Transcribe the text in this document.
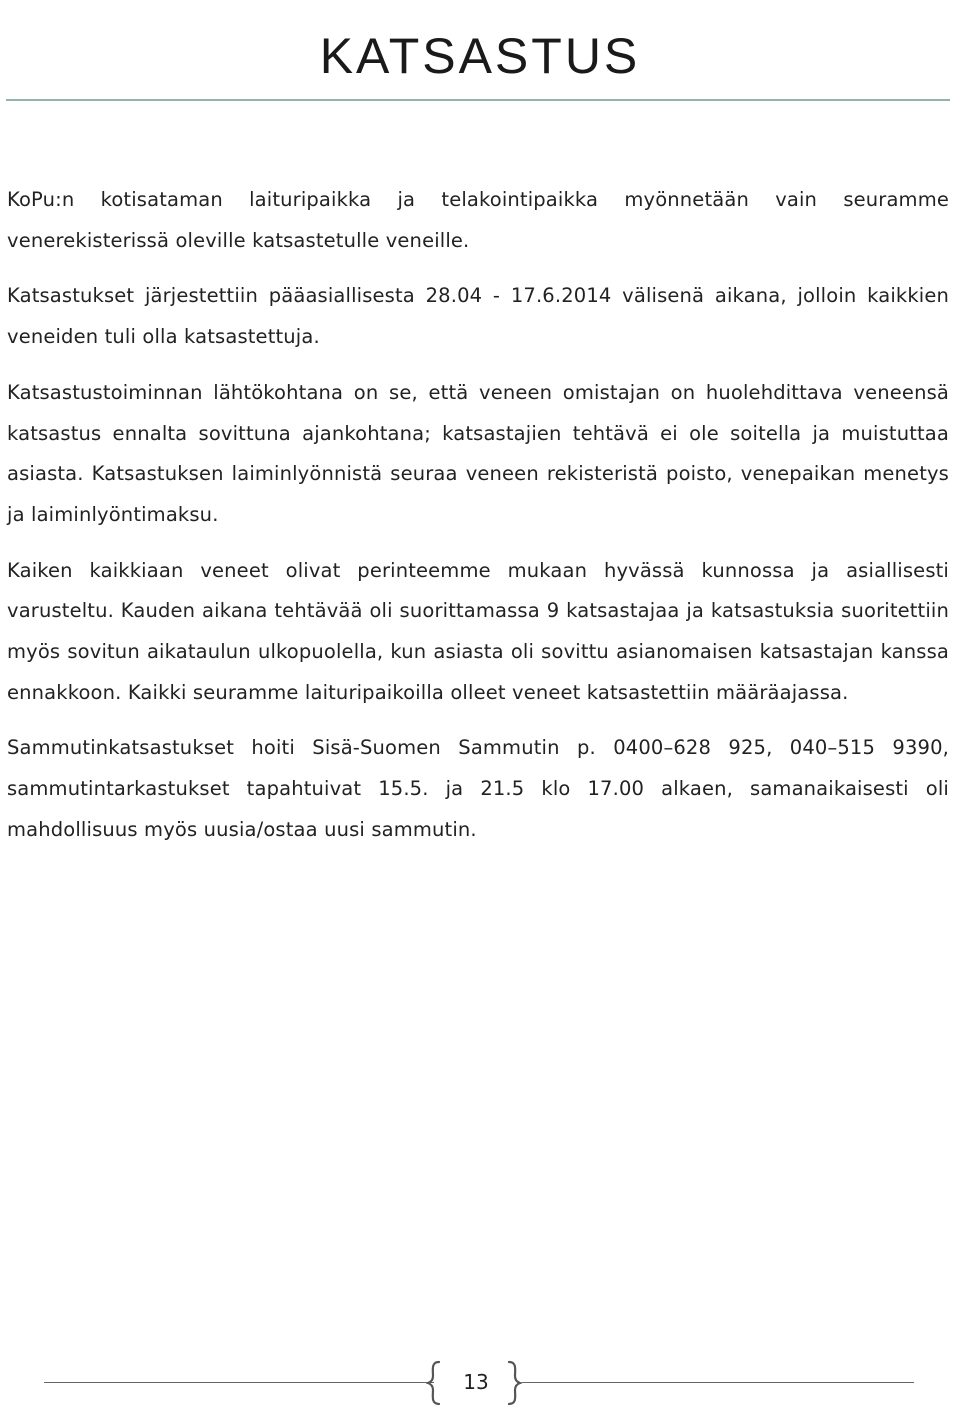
KATSASTUS

KoPu:n kotisataman laituripaikka ja telakointipaikka myönnetään vain seuramme venerekisterissä oleville katsastetulle veneille.

Katsastukset järjestettiin pääasiallisesta 28.04 - 17.6.2014 välisenä aikana, jolloin kaikkien veneiden tuli olla katsastettuja.

Katsastustoiminnan lähtökohtana on se, että veneen omistajan on huolehdittava veneensä katsastus ennalta sovittuna ajankohtana; katsastajien tehtävä ei ole soitella ja muistuttaa asiasta. Katsastuksen laiminlyönnistä seuraa veneen rekisteristä poisto, venepaikan menetys ja laiminlyöntimaksu.

Kaiken kaikkiaan veneet olivat perinteemme mukaan hyvässä kunnossa ja asiallisesti varusteltu. Kauden aikana tehtävää oli suorittamassa 9 katsastajaa ja katsastuksia suoritettiin myös sovitun aikataulun ulkopuolella, kun asiasta oli sovittu asianomaisen katsastajan kanssa ennakkoon. Kaikki seuramme laituripaikoilla olleet veneet katsastettiin määräajassa.

Sammutinkatsastukset hoiti Sisä-Suomen Sammutin p. 0400–628 925, 040–515 9390, sammutintarkastukset tapahtuivat 15.5. ja 21.5 klo 17.00 alkaen, samanaikaisesti oli mahdollisuus myös uusia/ostaa uusi sammutin.

13
